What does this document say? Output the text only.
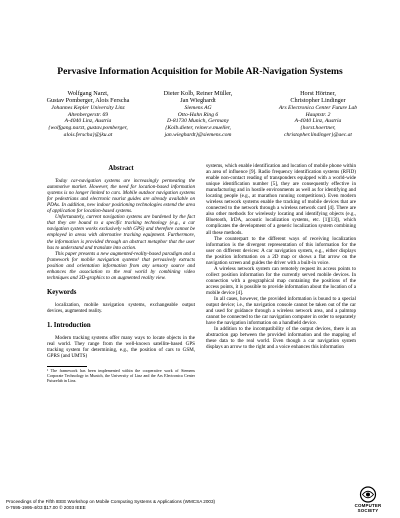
Pervasive Information Acquisition for Mobile AR-Navigation Systems
Wolfgang Narzt,
Gustav Pomberger, Alois Ferscha
Johannes Kepler University Linz
Altenbergerstr. 69
A-4040 Linz, Austria
{wolfgang.narzt, gustav.pomberger,
alois.ferscha}@jku.at
Dieter Kolb, Reiner Müller,
Jan Wieghardt
Siemens AG
Otto-Hahn Ring 6
D-81730 Munich, Germany
{Kolb.dieter, reiner.e.mueller,
jan.wieghardt}@siemens.com
Horst Hörtner,
Christopher Lindinger
Ars Electronica Center Future Lab
Hauptstr. 2
A-4040 Linz, Austria
{horst.hoertner,
christopher.lindinger}@aec.at
Abstract

Today car-navigation systems are increasingly permeating the automotive market. However, the need for location-based information systems is no longer limited to cars. Mobile outdoor navigation systems for pedestrians and electronic tourist guides are already available on PDAs. In addition, new indoor positioning technologies extend the area of application for location-based systems.

Unfortunately, current navigation systems are burdened by the fact that they are bound to a specific tracking technology (e.g., a car navigation system works exclusively with GPS) and therefore cannot be employed in areas with alternative tracking equipment. Furthermore, the information is provided through an abstract metaphor that the user has to understand and translate into action.

This paper presents a new augmented-reality-based paradigm and a framework for mobile navigation systems¹ that pervasively extracts position and orientation information from any sensory source and enhances the association to the real world by combining video techniques and 3D-graphics to an augmented reality view.

Keywords

localization, mobile navigation systems, exchangeable output devices, augmented reality.

1. Introduction

Modern tracking systems offer many ways to locate objects in the real world. They range from the well-known satellite-based GPS tracking system for determining, e.g., the position of cars to GSM, GPRS (and UMTS)

¹ The framework has been implemented within the cooperative work of Siemens Corporate Technology in Munich, the University of Linz and the Ars Electronica Center Futurelab in Linz.

systems, which enable identification and location of mobile phone within an area of influence [9]. Radio frequency identification systems (RFID) enable non-contact reading of transponders equipped with a world-wide unique identification number [5], they are consequently effective in manufacturing and in hostile environments as well as for identifying and locating people (e.g., at marathon running competitions). Even modern wireless network systems enable the tracking of mobile devices that are connected to the network through a wireless network card [4]. There are also other methods for wirelessly locating and identifying objects (e.g., Bluetooth, IrDA, acoustic localization systems, etc. [1][13]), which complicates the development of a generic localization system combining all these methods.

The counterpart to the different ways of receiving localization information is the divergent representation of this information for the user on different devices: A car navigation system, e.g., either displays the position information on a 2D map or shows a flat arrow on the navigation screen and guides the driver with a built-in voice.

A wireless network system can remotely request its access points to collect position information for the currently served mobile devices. In connection with a geographical map containing the positions of the access points, it is possible to provide information about the location of a mobile device [4].

In all cases, however, the provided information is bound to a special output device; i.e., the navigation console cannot be taken out of the car and used for guidance through a wireless network area, and a palmtop cannot be connected to the car navigation computer in order to separately have the navigation information on a handheld device.

In addition to the incompatibility of the output devices, there is an abstraction gap between the provided information and the mapping of these data to the real world. Even though a car navigation system displays an arrow to the right and a voice enhances this information

Proceedings of the Fifth IEEE Workshop on Mobile Computing Systems & Applications (WMCSA 2003)
0-7695-1995-4/03 $17.00 © 2003 IEEE	COMPUTER
SOCIETY
